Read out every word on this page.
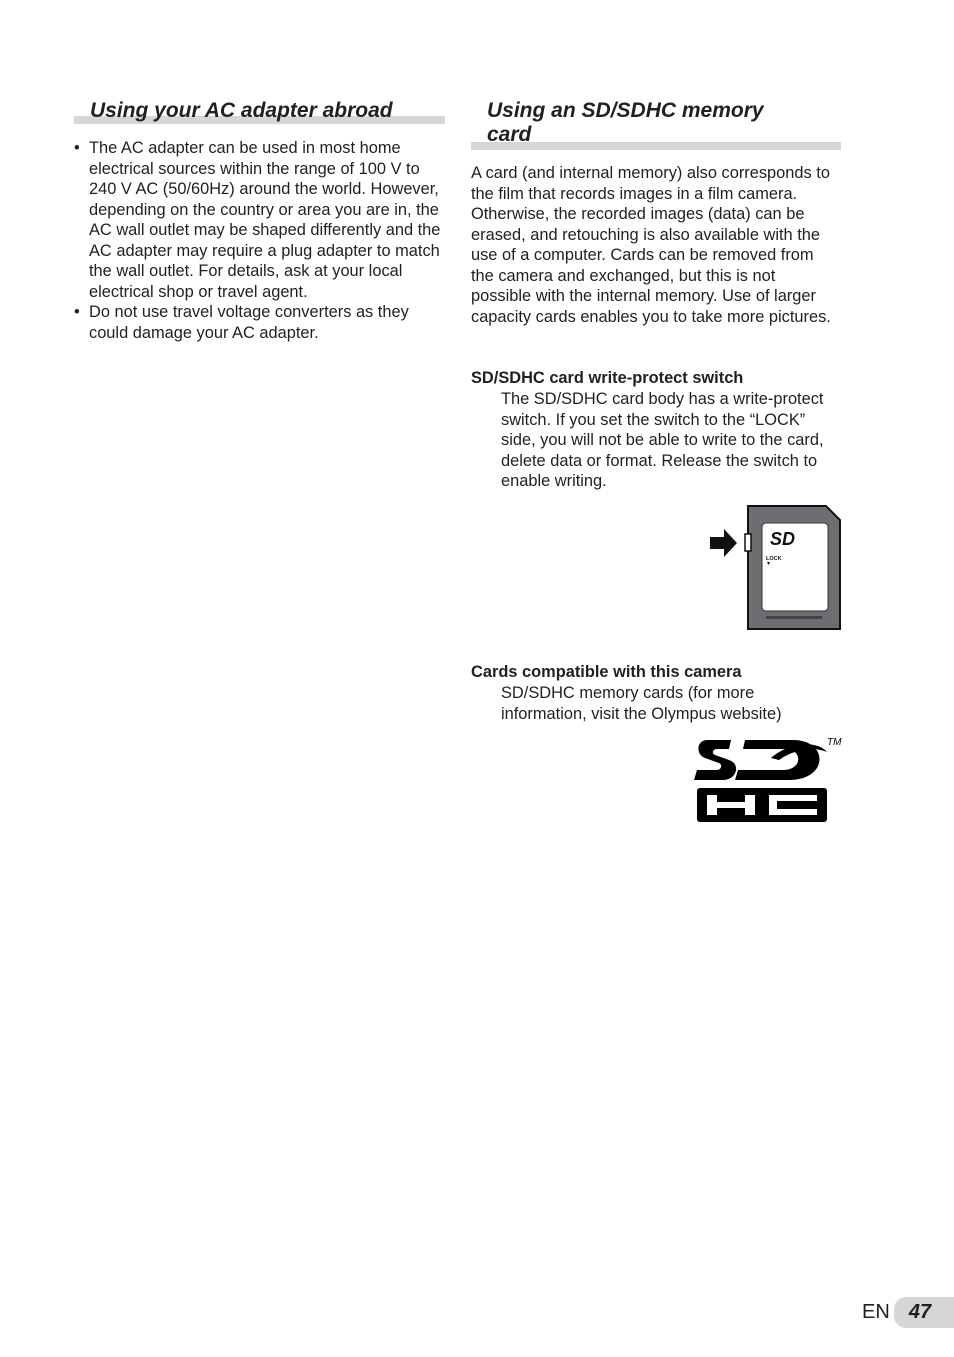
Using your AC adapter abroad
• The AC adapter can be used in most home electrical sources within the range of 100 V to 240 V AC (50/60Hz) around the world. However, depending on the country or area you are in, the AC wall outlet may be shaped differently and the AC adapter may require a plug adapter to match the wall outlet. For details, ask at your local electrical shop or travel agent.
• Do not use travel voltage converters as they could damage your AC adapter.
Using an SD/SDHC memory card

A card (and internal memory) also corresponds to the film that records images in a film camera. Otherwise, the recorded images (data) can be erased, and retouching is also available with the use of a computer. Cards can be removed from the camera and exchanged, but this is not possible with the internal memory. Use of larger capacity cards enables you to take more pictures.

SD/SDHC card write-protect switch

The SD/SDHC card body has a write-protect switch. If you set the switch to the “LOCK” side, you will not be able to write to the card, delete data or format. Release the switch to enable writing.

SD
LOCK
Cards compatible with this camera

SD/SDHC memory cards (for more information, visit the Olympus website)

TM
EN 47
